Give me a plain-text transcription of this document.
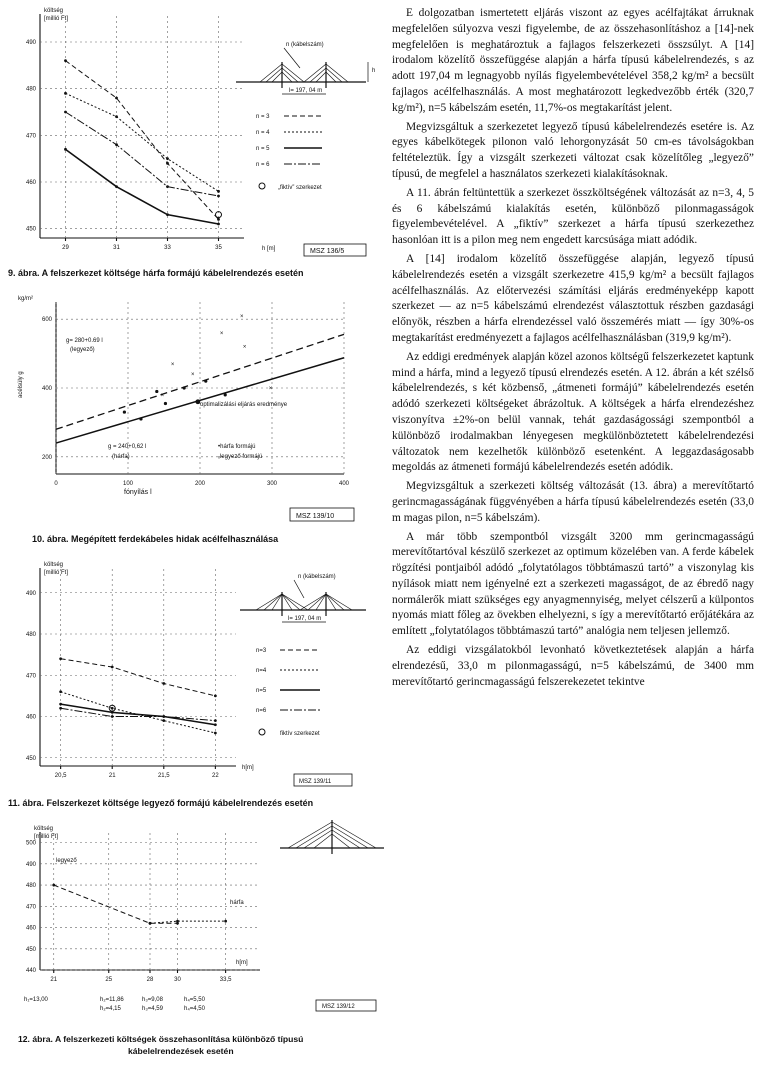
költség
[millió Ft]
450
460
470
480
490
29	31	33	35
n (kábelszám)
l= 197, 04 m
h
n = 3
n = 4
n = 5
n = 6
„fiktív” szerkezet
h [m]	MSZ 136/5
9. ábra. A felszerkezet költsége hárfa formájú kábelelrendezés esetén
kg/m²
acélsúly g
200
400
600
0	100	200	300	400
×
×
×
×
×
×
×
g= 280+0.69 l
(legyező)
g = 240+0,62 l
(hárfa)
optimalizálási eljárás eredménye
•hárfa formájú
ₓlegyező formájú
fónyílás l
MSZ 139/10
10. ábra. Megépített ferdekábeles hidak acélfelhasználása
költség
[millió Ft]
450
460
470
480
490
20,5	21	21,5	22
n (kábelszám)
l= 197, 04 m
n=3
n=4
n=5
n=6
fiktív szerkezet
h[m]
MSZ 139/11
11. ábra. Felszerkezet költsége legyező formájú kábelelrendezés esetén
költség
[millió Ft]
440
450
460
470
480
490
500
21	25	28	30	33,5
legyező
hárfa
h[m]
h₁=13,00	h₂=11,86	h₃=9,08	h₄=5,50
h₂=4,15	h₃=4,59	h₄=4,50	MSZ 139/12
12. ábra. A felszerkezeti költségek összehasonlítása különböző típusú
kábelelrendezések esetén

E dolgozatban ismertetett eljárás viszont az egyes acélfajtákat árruknak megfelelően súlyozva veszi figyelembe, de az összehasonlításhoz a [14]-nek megfelelően is meghatároztuk a fajlagos felszerkezeti összsúlyt. A [14] irodalom közelítő összefüggése alapján a hárfa típusú kábelelrendezés, s az adott 197,04 m legnagyobb nyílás figyelembevételével 358,2 kg/m² a becsült fajlagos acélfelhasználás. A most meghatározott legkedvezőbb érték (320,7 kg/m²), n=5 kábelszám esetén, 11,7%-os megtakarítást jelent.

Megvizsgáltuk a szerkezetet legyező típusú kábelelrendezés esetére is. Az egyes kábelkötegek pilonon való lehorgonyzását 50 cm-es távolságokban feltételeztük. Így a vizsgált szerkezeti változat csak közelítőleg „legyező” típusú, de megfelel a használatos szerkezeti kialakításoknak.

A 11. ábrán feltüntettük a szerkezet összköltségének változását az n=3, 4, 5 és 6 kábelszámú kialakítás esetén, különböző pilonmagasságok figyelembevételével. A „fiktív” szerkezet a hárfa típusú szerkezethez hasonlóan itt is a pilon meg nem engedett karcsúsága miatt adódik.

A [14] irodalom közelítő összefüggése alapján, legyező típusú kábelelrendezés esetén a vizsgált szerkezetre 415,9 kg/m² a becsült fajlagos acélfelhasználás. Az előtervezési számítási eljárás eredményeképp kapott szerkezet — az n=5 kábelszámú elrendezést választottuk részben gazdasági előnyök, részben a hárfa elrendezéssel való összemérés miatt — így 30%-os megtakarítást eredményezett a fajlagos acélfelhasználásban (319,9 kg/m²).

Az eddigi eredmények alapján közel azonos költségű felszerkezetet kaptunk mind a hárfa, mind a legyező típusú elrendezés esetén. A 12. ábrán a két szélső kábelelrendezés, s két közbenső, „átmeneti formájú” kábelelrendezés esetén adódó szerkezeti költségeket ábrázoltuk. A költségek a hárfa elrendezéshez viszonyítva ±2%-on belül vannak, tehát gazdaságossági szempontból a különböző irodalmakban lényegesen megkülönböztetett kábelelrendezési változatok nem kezelhetők különböző esetenként. A leggazdaságosabb megoldás az átmeneti formájú kábelelrendezés esetén adódik.

Megvizsgáltuk a szerkezeti költség változását (13. ábra) a merevítőtartó gerincmagasságának függvényében a hárfa típusú kábelelrendezés esetén (33,0 m magas pilon, n=5 kábelszám).

A már több szempontból vizsgált 3200 mm gerincmagasságú merevítőtartóval készülő szerkezet az optimum közelében van. A ferde kábelek rögzítési pontjaiból adódó „folytatólagos többtámaszú tartó” a viszonylag kis nyílások miatt nem igényelné ezt a szerkezeti magasságot, de az ébredő nagy normálerők miatt szükséges egy anyagmennyiség, melyet célszerű a külpontos nyomás miatt főleg az övekben elhelyezni, s így a merevítőtartó erőjátékára az említett „folytatólagos többtámaszú tartó” analógia nem teljesen jellemző.

Az eddigi vizsgálatokból levonható következtetések alapján a hárfa elrendezésű, 33,0 m pilonmagasságú, n=5 kábelszámú, de 3400 mm merevítőtartó gerincmagasságú felszerekezetet tekintve
